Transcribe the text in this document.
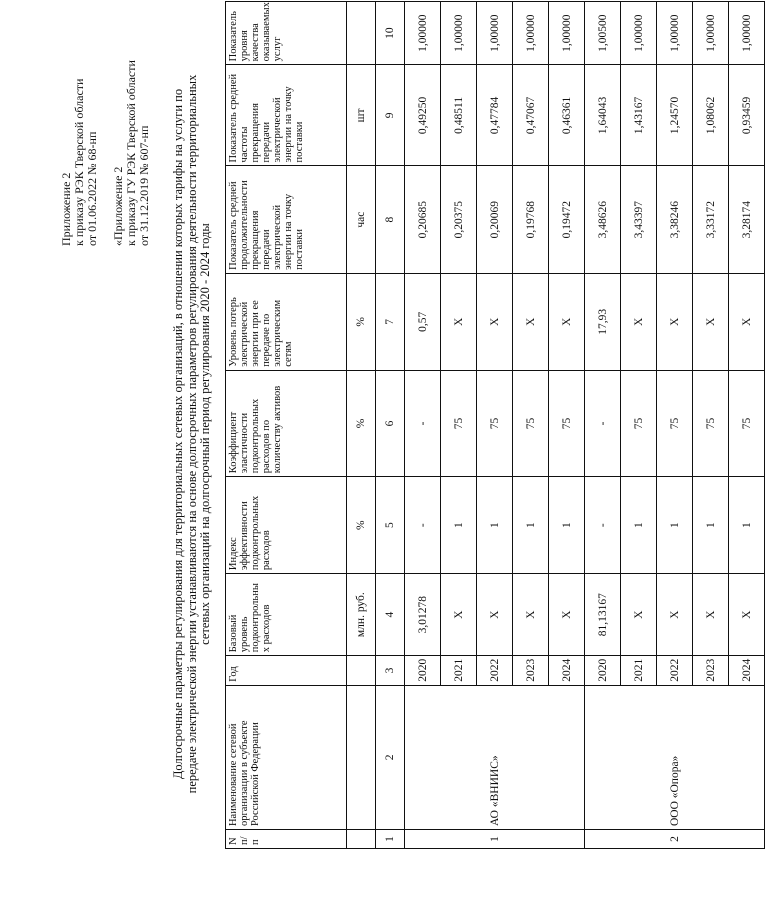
Приложение 2 к приказу РЭК Тверской области от 01.06.2022 № 68-нп «Приложение 2 к приказу ГУ РЭК Тверской области от 31.12.2019 № 607-нп Долгосрочные параметры регулирования для территориальных сетевых организаций, в отношении которых тарифы на услуги по передаче электрической энергии устанавливаются на основе долгосрочных параметров регулирования деятельности территориальных сетевых организаций на долгосрочный период регулирования 2020 - 2024 годы
N п/п	Наименование сетевой организации в субъекте Российской Федерации	Год	Базовый уровень подконтрольны х расходов	Индекс эффективности подконтрольных расходов	Коэффициент эластичности подконтрольных расходов по количеству активов	Уровень потерь электрической энергии при ее передаче по электрическим сетям	Показатель средней продолжительности прекращения передачи электрической энергии на точку поставки	Показатель средней частоты прекращения передачи электрической энергии на точку поставки	Показатель уровня качества оказываемых услуг
			млн. руб.	%	%	%	час	шт	
1	2	3	4	5	6	7	8	9	10
1	АО «ВНИИС»	2020	3,01278	-	-	0,57	0,20685	0,49250	1,00000
		2021	Х	1	75	Х	0,20375	0,48511	1,00000
		2022	Х	1	75	Х	0,20069	0,47784	1,00000
		2023	Х	1	75	Х	0,19768	0,47067	1,00000
		2024	Х	1	75	Х	0,19472	0,46361	1,00000
2	ООО «Опора»	2020	81,13167	-	-	17,93	3,48626	1,64043	1,00500
		2021	Х	1	75	Х	3,43397	1,43167	1,00000
		2022	Х	1	75	Х	3,38246	1,24570	1,00000
		2023	Х	1	75	Х	3,33172	1,08062	1,00000
		2024	Х	1	75	Х	3,28174	0,93459	1,00000
